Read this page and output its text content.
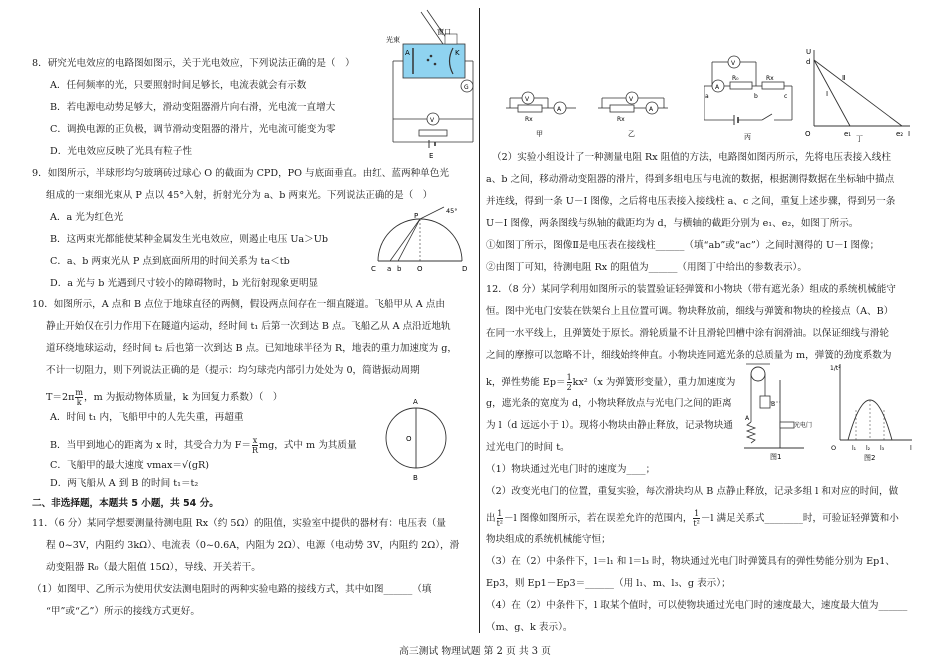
8．研究光电效应的电路图如图示，关于光电效应，下列说法正确的是（　）
A．任何频率的光，只要照射时间足够长，电流表就会有示数
B．若电源电动势足够大，滑动变阻器滑片向右滑，光电流一直增大
C．调换电源的正负极，调节滑动变阻器的滑片，光电流可能变为零
D．光电效应反映了光具有粒子性
窗口
光束
A	K
G
V
E
9．如图所示，半球形均匀玻璃砖过球心 O 的截面为 CPD，PO 与底面垂直。由红、蓝两种单色光
组成的一束细光束从 P 点以 45°入射，折射光分为 a、b 两束光。下列说法正确的是（　）
A．a 光为红色光
B．这两束光都能使某种金属发生光电效应，则遏止电压 Ua＞Ub
C．a、b 两束光从 P 点到底面所用的时间关系为 ta＜tb
D．a 光与 b 光遇到尺寸较小的障碍物时，b 光衍射现象更明显
45°
P
C a b O	D
10．如图所示，A 点和 B 点位于地球直径的两侧，假设两点间存在一细直隧道。飞船甲从 A 点由
静止开始仅在引力作用下在隧道内运动，经时间 t₁ 后第一次到达 B 点。飞船乙从 A 点沿近地轨
道环绕地球运动，经时间 t₂ 后也第一次到达 B 点。已知地球半径为 R，地表的重力加速度为 g，
不计一切阻力，则下列说法正确的是（提示：均匀球壳内部引力处处为 0，简谐振动周期
$T=2\pi \frac{m}{k}$ ，m 为振动物体质量，k 为回复力系数）（　）
A．时间 t₁ 内，飞船甲中的人先失重，再超重
B．当甲到地心的距离为 x 时，其受合力为 $F= \frac{x}{R}$ mg，式中 m 为其质量
C．飞船甲的最大速度 vmax＝√(gR)
D．两飞船从 A 到 B 的时间 t₁＝t₂
A
O
B
二、非选择题，本题共 5 小题，共 54 分。
11．（6 分）某同学想要测量待测电阻 Rx（约 5Ω）的阻值，实验室中提供的器材有：电压表（量
程 0~3V，内阻约 3kΩ）、电流表（0~0.6A，内阻为 2Ω）、电源（电动势 3V，内阻约 2Ω），滑
动变阻器 R₀（最大阻值 15Ω），导线、开关若干。
（1）如图甲、乙所示为使用伏安法测电阻时的两种实验电路的接线方式，其中如图______（填
“甲”或“乙”）所示的接线方式更好。
V
A
Rx
甲
V
A
Rx
乙
V
A
a
R₀
b
Rx
c
丙
U
I
d
O	e₁	e₂
Ⅰ
Ⅱ
丁
（2）实验小组设计了一种测量电阻 Rx 阻值的方法，电路图如图丙所示，先将电压表接入线柱
a、b 之间，移动滑动变阻器的滑片，得到多组电压与电流的数据，根据测得数据在坐标轴中描点
并连线，得到一条 U－I 图像，之后将电压表接入接线柱 a、c 之间，重复上述步骤，得到另一条
U－I 图像，两条图线与纵轴的截距均为 d，与横轴的截距分别为 e₁、e₂，如图丁所示。
①如图丁所示，图像Ⅱ是电压表在接线柱______（填“ab”或“ac”）之间时测得的 U－I 图像；
②由图丁可知，待测电阻 Rx 的阻值为______（用图丁中给出的参数表示）。
12．（8 分）某同学利用如图所示的装置验证轻弹簧和小物块（带有遮光条）组成的系统机械能守
恒。图中光电门安装在铁架台上且位置可调。物块释放前，细线与弹簧和物块的栓接点（A、B）
在同一水平线上，且弹簧处于原长。滑轮质量不计且滑轮凹槽中涂有润滑油。以保证细线与滑轮
之间的摩擦可以忽略不计，细线始终伸直。小物块连同遮光条的总质量为 m，弹簧的劲度系数为
k，弹性势能 $Ep= \frac{1}{2} kx^2(x$ 为弹簧形变量），重力加速度为
g，遮光条的宽度为 d，小物块释放点与光电门之间的距离
为 l（d 远远小于 l）。现将小物块由静止释放，记录物块通
过光电门的时间 t。
（1）物块通过光电门时的速度为____；
（2）改变光电门的位置，重复实验，每次滑块均从 B 点静止释放，记录多组 l 和对应的时间，做
出 $\frac{1}{\text{t²}} -l$ 图像如图所示，若在误差允许的范围内， $\frac{1}{\text{t²}} -l$ 满足关系式________时，可验证轻弹簧和小
物块组成的系统机械能守恒；
（3）在（2）中条件下，l＝l₁ 和 l＝l₃ 时，物块通过光电门时弹簧具有的弹性势能分别为 Ep1、
Ep3，则 Ep1－Ep3＝______（用 l₁、m、l₃、g 表示）；
（4）在（2）中条件下，l 取某个值时，可以使物块通过光电门时的速度最大，速度最大值为______
（m、g、k 表示）。
A
B
光电门
图1
1/t²
O	l₁ l₂ l₃	l
图2
高三测试 物理试题 第 2 页 共 3 页
